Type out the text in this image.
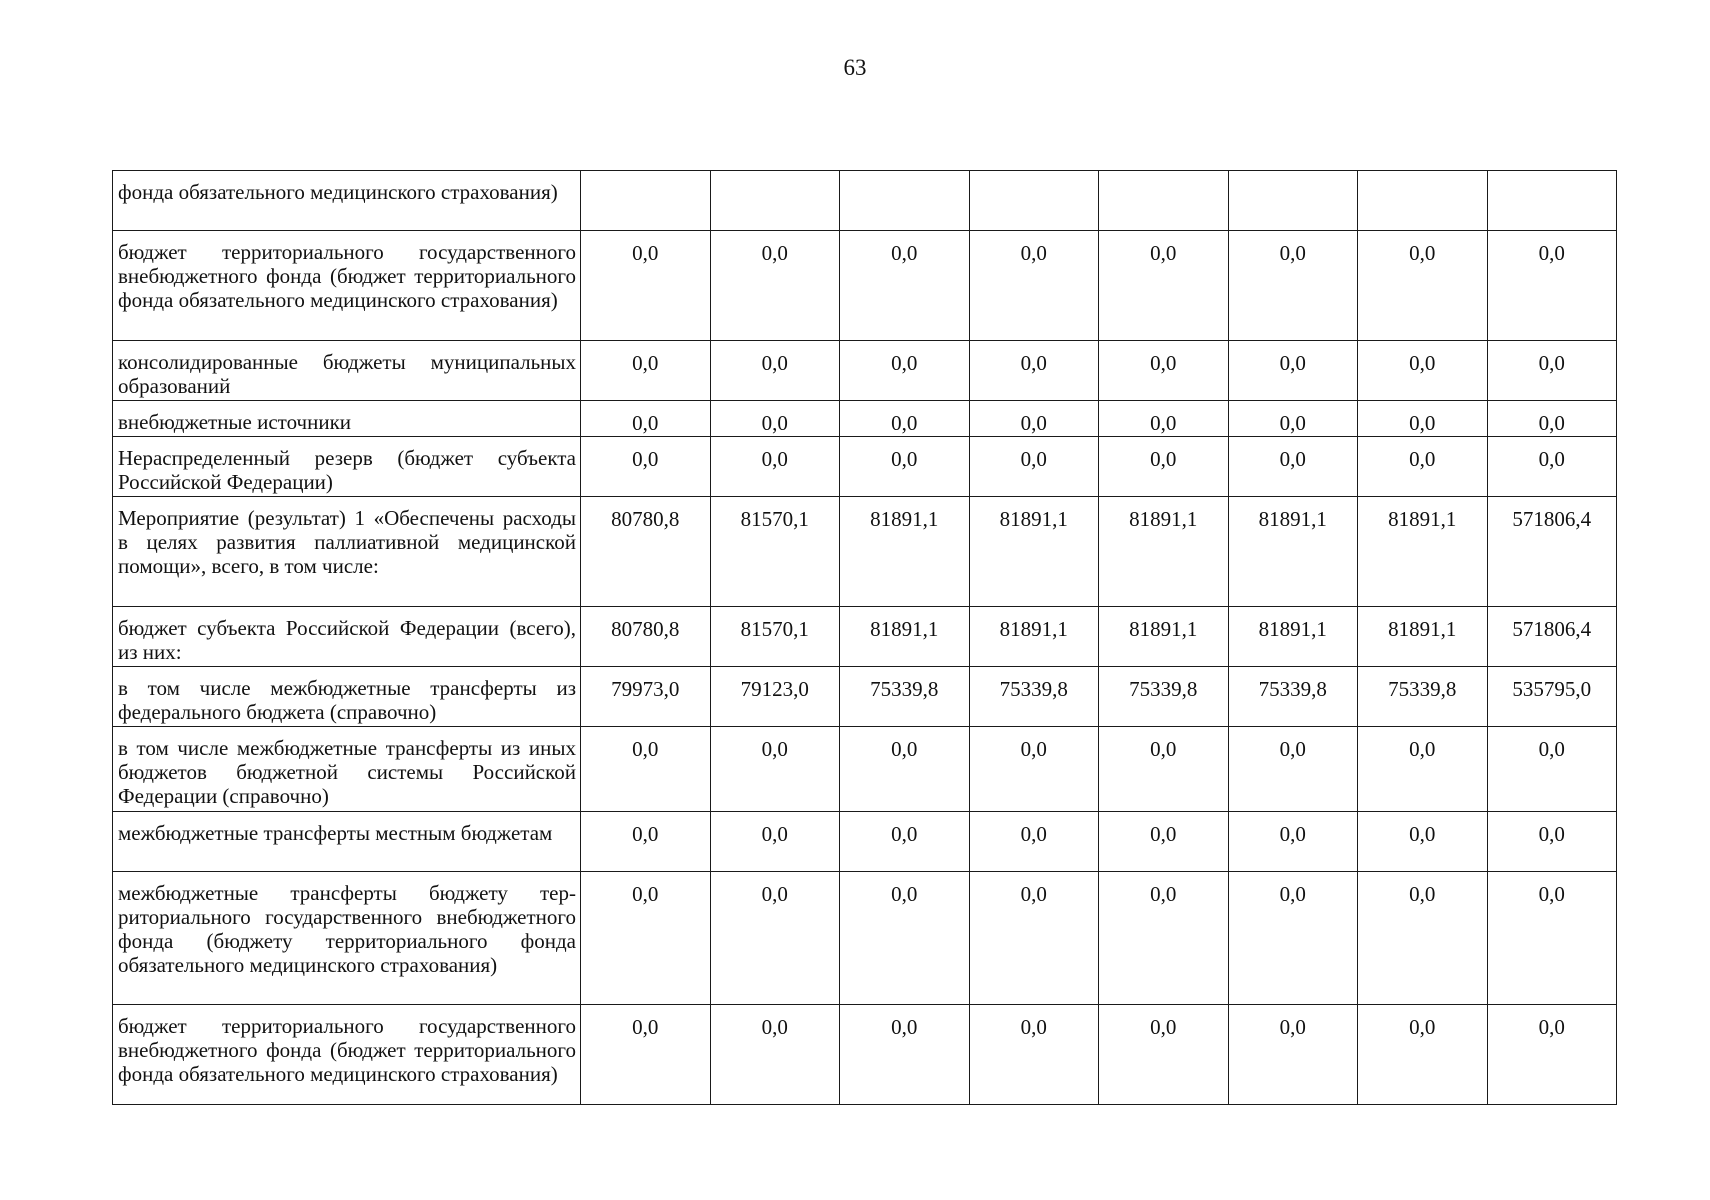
63
фонда обязательного медицинского страхования)								
бюджет территориального государственного внебюджетного фонда (бюджет территориального фонда обязательного медицинского страхования)	0,0	0,0	0,0	0,0	0,0	0,0	0,0	0,0
консолидированные бюджеты муниципальных образований	0,0	0,0	0,0	0,0	0,0	0,0	0,0	0,0
внебюджетные источники	0,0	0,0	0,0	0,0	0,0	0,0	0,0	0,0
Нераспределенный резерв (бюджет субъекта Российской Федерации)	0,0	0,0	0,0	0,0	0,0	0,0	0,0	0,0
Мероприятие (результат) 1 «Обеспечены расходы в целях развития паллиативной медицинской помощи», всего, в том числе:	80780,8	81570,1	81891,1	81891,1	81891,1	81891,1	81891,1	571806,4
бюджет субъекта Российской Федерации (всего), из них:	80780,8	81570,1	81891,1	81891,1	81891,1	81891,1	81891,1	571806,4
в том числе межбюджетные трансферты из федерального бюджета (справочно)	79973,0	79123,0	75339,8	75339,8	75339,8	75339,8	75339,8	535795,0
в том числе межбюджетные трансферты из иных бюджетов бюджетной системы Российской Федерации (справочно)	0,0	0,0	0,0	0,0	0,0	0,0	0,0	0,0
межбюджетные трансферты местным бюджетам	0,0	0,0	0,0	0,0	0,0	0,0	0,0	0,0
межбюджетные трансферты бюджету территориального государственного внебюджетного фонда (бюджету территориального фонда обязательного медицинского страхования)	0,0	0,0	0,0	0,0	0,0	0,0	0,0	0,0
бюджет территориального государственного внебюджетного фонда (бюджет территориального фонда обязательного медицинского страхования)	0,0	0,0	0,0	0,0	0,0	0,0	0,0	0,0
